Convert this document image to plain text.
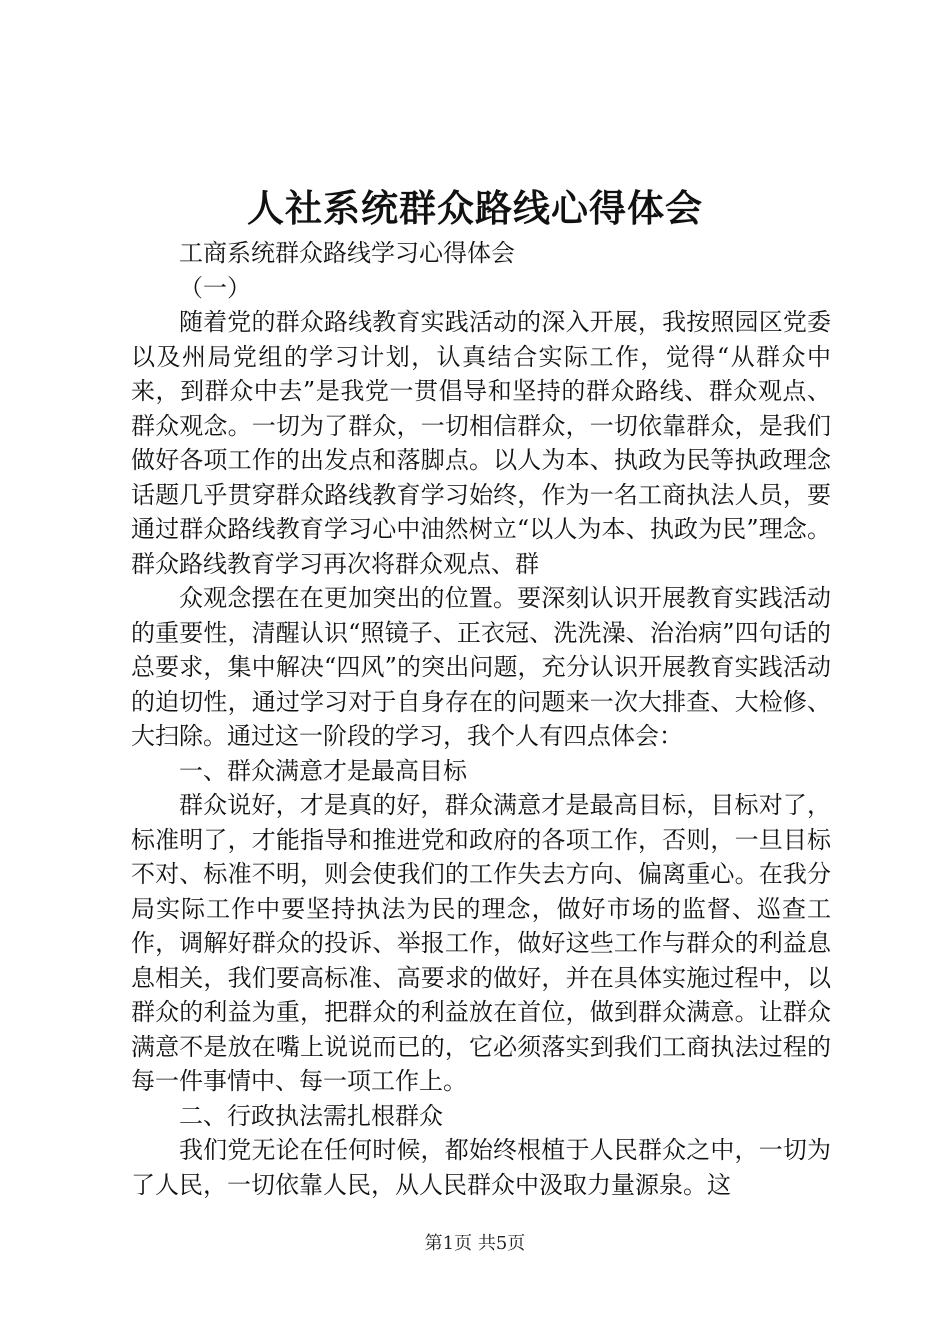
人社系统群众路线心得体会

工商系统群众路线学习心得体会

（一）

随着党的群众路线教育实践活动的深入开展，我按照园区党委以及州局党组的学习计划，认真结合实际工作，觉得“从群众中来，到群众中去”是我党一贯倡导和坚持的群众路线、群众观点、群众观念。一切为了群众，一切相信群众，一切依靠群众，是我们做好各项工作的出发点和落脚点。以人为本、执政为民等执政理念话题几乎贯穿群众路线教育学习始终，作为一名工商执法人员，要通过群众路线教育学习心中油然树立“以人为本、执政为民”理念。群众路线教育学习再次将群众观点、群

众观念摆在在更加突出的位置。要深刻认识开展教育实践活动的重要性，清醒认识“照镜子、正衣冠、洗洗澡、治治病”四句话的总要求，集中解决“四风”的突出问题，充分认识开展教育实践活动的迫切性，通过学习对于自身存在的问题来一次大排查、大检修、大扫除。通过这一阶段的学习，我个人有四点体会：

一、群众满意才是最高目标

群众说好，才是真的好，群众满意才是最高目标，目标对了，标准明了，才能指导和推进党和政府的各项工作，否则，一旦目标不对、标准不明，则会使我们的工作失去方向、偏离重心。在我分局实际工作中要坚持执法为民的理念，做好市场的监督、巡查工作，调解好群众的投诉、举报工作，做好这些工作与群众的利益息息相关，我们要高标准、高要求的做好，并在具体实施过程中，以群众的利益为重，把群众的利益放在首位，做到群众满意。让群众满意不是放在嘴上说说而已的，它必须落实到我们工商执法过程的每一件事情中、每一项工作上。

二、行政执法需扎根群众

我们党无论在任何时候，都始终根植于人民群众之中，一切为了人民，一切依靠人民，从人民群众中汲取力量源泉。这

第1页 共5页
